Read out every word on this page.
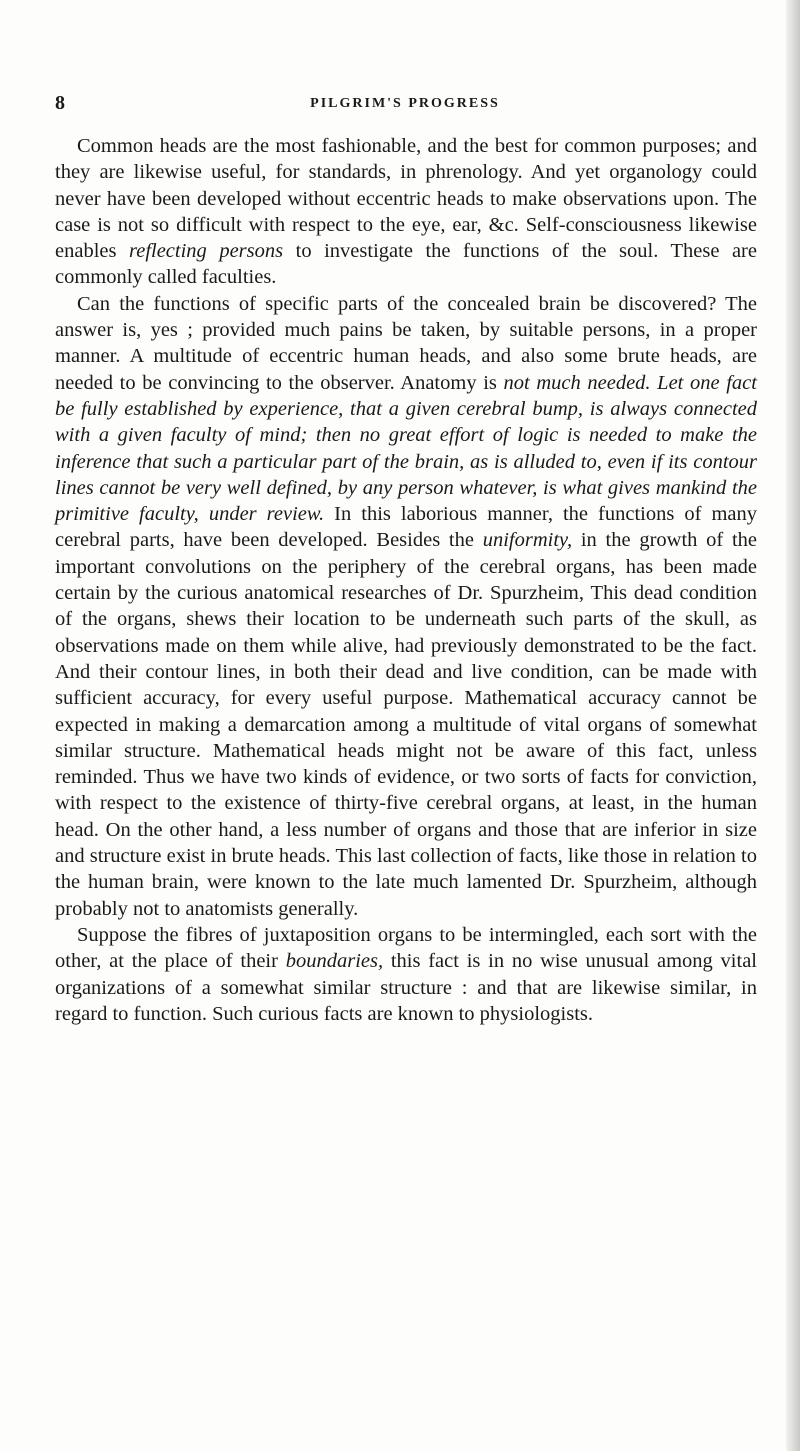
8	PILGRIM'S PROGRESS

Common heads are the most fashionable, and the best for common purposes; and they are likewise useful, for standards, in phrenology. And yet organology could never have been developed without eccentric heads to make observations upon. The case is not so difficult with respect to the eye, ear, &c. Self-consciousness likewise enables reflecting persons to investigate the functions of the soul. These are commonly called faculties.

Can the functions of specific parts of the concealed brain be discovered? The answer is, yes ; provided much pains be taken, by suitable persons, in a proper manner. A multitude of eccentric human heads, and also some brute heads, are needed to be convincing to the observer. Anatomy is not much needed. Let one fact be fully established by experience, that a given cerebral bump, is always connected with a given faculty of mind; then no great effort of logic is needed to make the inference that such a particular part of the brain, as is alluded to, even if its contour lines cannot be very well defined, by any person whatever, is what gives mankind the primitive faculty, under review. In this laborious manner, the functions of many cerebral parts, have been developed. Besides the uniformity, in the growth of the important convolutions on the periphery of the cerebral organs, has been made certain by the curious anatomical researches of Dr. Spurzheim, This dead condition of the organs, shews their location to be underneath such parts of the skull, as observations made on them while alive, had previously demonstrated to be the fact. And their contour lines, in both their dead and live condition, can be made with sufficient accuracy, for every useful purpose. Mathematical accuracy cannot be expected in making a demarcation among a multitude of vital organs of somewhat similar structure. Mathematical heads might not be aware of this fact, unless reminded. Thus we have two kinds of evidence, or two sorts of facts for conviction, with respect to the existence of thirty-five cerebral organs, at least, in the human head. On the other hand, a less number of organs and those that are inferior in size and structure exist in brute heads. This last collection of facts, like those in relation to the human brain, were known to the late much lamented Dr. Spurzheim, although probably not to anatomists generally.

Suppose the fibres of juxtaposition organs to be intermingled, each sort with the other, at the place of their boundaries, this fact is in no wise unusual among vital organizations of a somewhat similar structure : and that are likewise similar, in regard to function. Such curious facts are known to physiologists.
